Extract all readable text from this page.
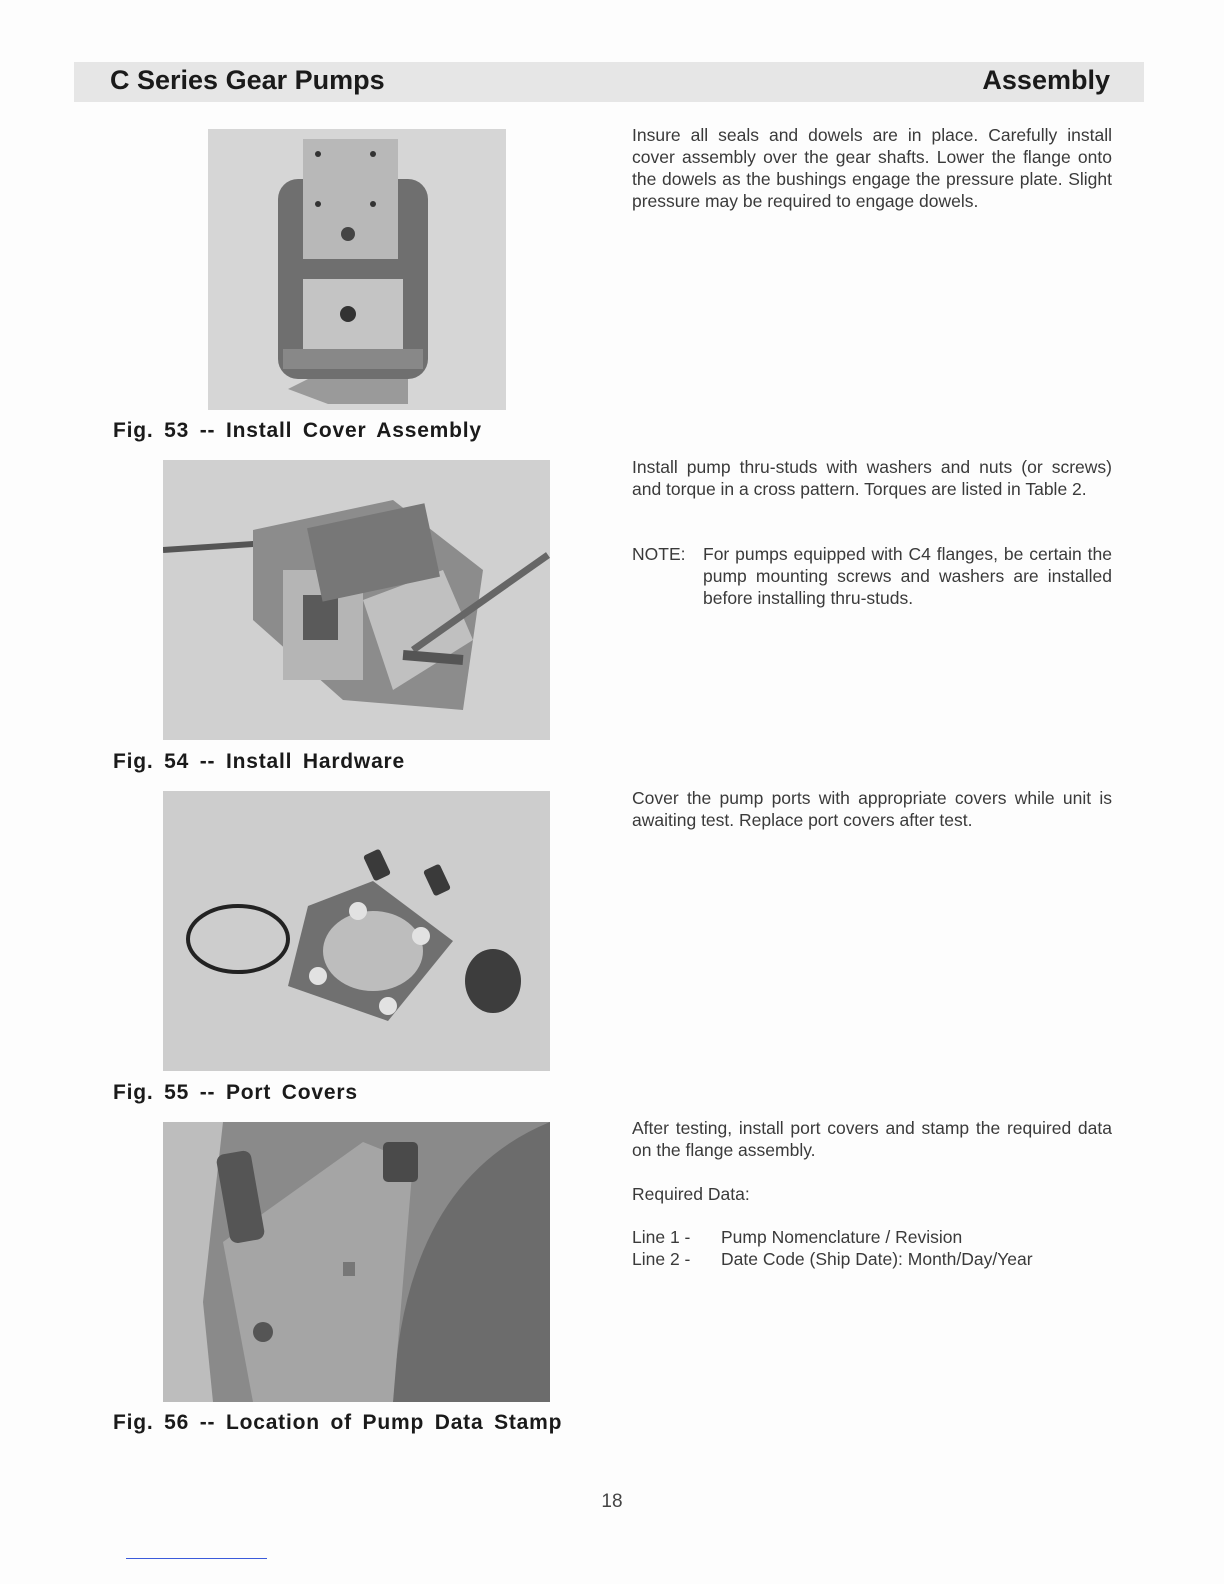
C Series Gear Pumps	Assembly
Fig. 53 -- Install Cover Assembly
Insure all seals and dowels are in place. Carefully install cover assembly over the gear shafts. Lower the flange onto the dowels as the bushings engage the pressure plate. Slight pressure may be required to engage dowels.
Fig. 54 -- Install Hardware
Install pump thru-studs with washers and nuts (or screws) and torque in a cross pattern. Torques are listed in Table 2.
NOTE:	For pumps equipped with C4 flanges, be certain the pump mounting screws and washers are installed before installing thru-studs.
Fig. 55 -- Port Covers
Cover the pump ports with appropriate covers while unit is awaiting test. Replace port covers after test.
Fig. 56 -- Location of Pump Data Stamp
After testing, install port covers and stamp the required data on the flange assembly.
Required Data:
Line 1 -	Pump Nomenclature / Revision
Line 2 -	Date Code (Ship Date): Month/Day/Year
18
